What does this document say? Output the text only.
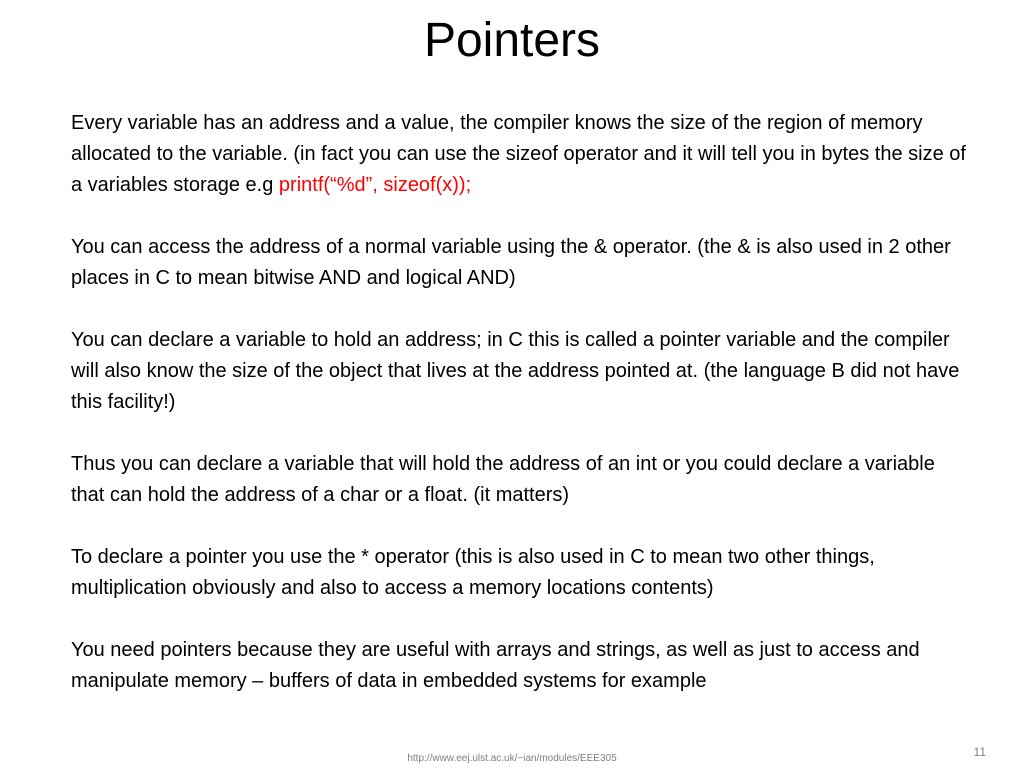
Pointers

Every variable has an address and a value, the compiler knows the size of the region of memory allocated to the variable. (in fact you can use the sizeof operator and it will tell you in bytes the size of a variables storage e.g printf(“%d”, sizeof(x));

You can access the address of a normal variable using the & operator. (the & is also used in 2 other places in C to mean bitwise AND and logical AND)

You can declare a variable to hold an address; in C this is called a pointer variable and the compiler will also know the size of the object that lives at the address pointed at. (the language B did not have this facility!)

Thus you can declare a variable that will hold the address of an int or you could declare a variable that can hold the address of a char or a float. (it matters)

To declare a pointer you use the * operator (this is also used in C to mean two other things, multiplication obviously and also to access a memory locations contents)

You need pointers because they are useful with arrays and strings, as well as just to access and manipulate memory – buffers of data in embedded systems for example

http://www.eej.ulst.ac.uk/~ian/modules/EEE305	11
